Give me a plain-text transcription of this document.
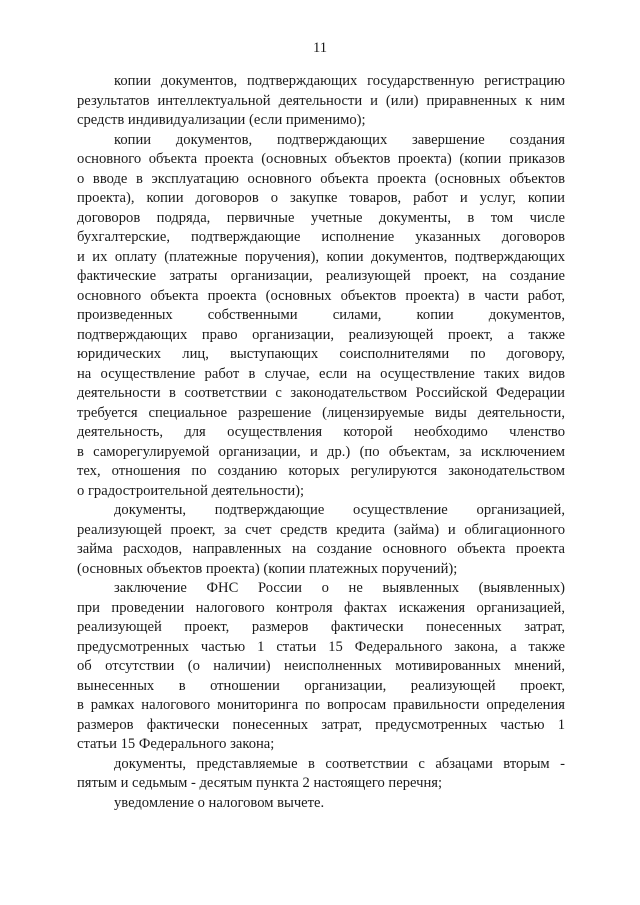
11
копии документов, подтверждающих государственную регистрацию
результатов интеллектуальной деятельности и (или) приравненных к ним
средств индивидуализации (если применимо);
копии документов, подтверждающих завершение создания
основного объекта проекта (основных объектов проекта) (копии приказов
о вводе в эксплуатацию основного объекта проекта (основных объектов
проекта), копии договоров о закупке товаров, работ и услуг, копии
договоров подряда, первичные учетные документы, в том числе
бухгалтерские, подтверждающие исполнение указанных договоров
и их оплату (платежные поручения), копии документов, подтверждающих
фактические затраты организации, реализующей проект, на создание
основного объекта проекта (основных объектов проекта) в части работ,
произведенных собственными силами, копии документов,
подтверждающих право организации, реализующей проект, а также
юридических лиц, выступающих соисполнителями по договору,
на осуществление работ в случае, если на осуществление таких видов
деятельности в соответствии с законодательством Российской Федерации
требуется специальное разрешение (лицензируемые виды деятельности,
деятельность, для осуществления которой необходимо членство
в саморегулируемой организации, и др.) (по объектам, за исключением
тех, отношения по созданию которых регулируются законодательством
о градостроительной деятельности);
документы, подтверждающие осуществление организацией,
реализующей проект, за счет средств кредита (займа) и облигационного
займа расходов, направленных на создание основного объекта проекта
(основных объектов проекта) (копии платежных поручений);
заключение ФНС России о не выявленных (выявленных)
при проведении налогового контроля фактах искажения организацией,
реализующей проект, размеров фактически понесенных затрат,
предусмотренных частью 1 статьи 15 Федерального закона, а также
об отсутствии (о наличии) неисполненных мотивированных мнений,
вынесенных в отношении организации, реализующей проект,
в рамках налогового мониторинга по вопросам правильности определения
размеров фактически понесенных затрат, предусмотренных частью 1
статьи 15 Федерального закона;
документы, представляемые в соответствии с абзацами вторым -
пятым и седьмым - десятым пункта 2 настоящего перечня;
уведомление о налоговом вычете.
